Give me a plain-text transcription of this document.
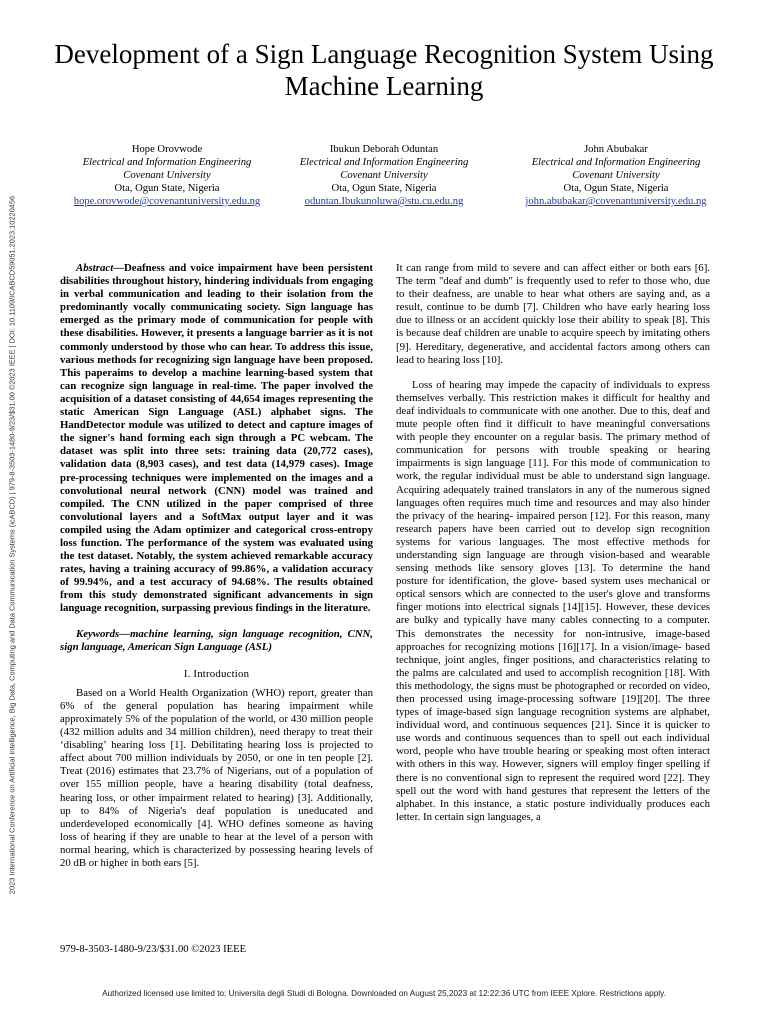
2023 International Conference on Artificial Intelligence, Big Data, Computing and Data Communication Systems (icABCD) | 979-8-3503-1480-9/23/$31.00 ©2023 IEEE | DOI: 10.1109/ICABCD59051.2023.10220456
Development of a Sign Language Recognition System Using Machine Learning
Hope Orovwode
Electrical and Information Engineering
Covenant University
Ota, Ogun State, Nigeria
hope.orovwode@covenantuniversity.edu.ng
Ibukun Deborah Oduntan
Electrical and Information Engineering
Covenant University
Ota, Ogun State, Nigeria
oduntan.Ibukunoluwa@stu.cu.edu.ng
John Abubakar
Electrical and Information Engineering
Covenant University
Ota, Ogun State, Nigeria
john.abubakar@covenantuniversity.edu.ng

Abstract—Deafness and voice impairment have been persistent disabilities throughout history, hindering individuals from engaging in verbal communication and leading to their isolation from the predominantly vocally communicating society. Sign language has emerged as the primary mode of communication for people with these disabilities. However, it presents a language barrier as it is not commonly understood by those who can hear. To address this issue, various methods for recognizing sign language have been proposed. This paperaims to develop a machine learning-based system that can recognize sign language in real-time. The paper involved the acquisition of a dataset consisting of 44,654 images representing the static American Sign Language (ASL) alphabet signs. The HandDetector module was utilized to detect and capture images of the signer's hand forming each sign through a PC webcam. The dataset was split into three sets: training data (20,772 cases), validation data (8,903 cases), and test data (14,979 cases). Image pre-processing techniques were implemented on the images and a convolutional neural network (CNN) model was trained and compiled. The CNN utilized in the paper comprised of three convolutional layers and a SoftMax output layer and it was compiled using the Adam optimizer and categorical cross-entropy loss function. The performance of the system was evaluated using the test dataset. Notably, the system achieved remarkable accuracy rates, having a training accuracy of 99.86%, a validation accuracy of 99.94%, and a test accuracy of 94.68%. The results obtained from this study demonstrated significant advancements in sign language recognition, surpassing previous findings in the literature.

Keywords—machine learning, sign language recognition, CNN, sign language, American Sign Language (ASL)

I. Introduction

Based on a World Health Organization (WHO) report, greater than 6% of the general population has hearing impairment while approximately 5% of the population of the world, or 430 million people (432 million adults and 34 million children), need therapy to treat their ‘disabling’ hearing loss [1]. Debilitating hearing loss is projected to affect about 700 million individuals by 2050, or one in ten people [2]. Treat (2016) estimates that 23.7% of Nigerians, out of a population of over 155 million people, have a hearing disability (total deafness, hearing loss, or other impairment related to hearing) [3]. Additionally, up to 84% of Nigeria's deaf population is uneducated and underdeveloped economically [4]. WHO defines someone as having loss of hearing if they are unable to hear at the level of a person with normal hearing, which is characterized by possessing hearing levels of 20 dB or higher in both ears [5].

It can range from mild to severe and can affect either or both ears [6]. The term "deaf and dumb" is frequently used to refer to those who, due to their deafness, are unable to hear what others are saying and, as a result, continue to be dumb [7]. Children who have early hearing loss due to illness or an accident quickly lose their ability to speak [8]. This is because deaf children are unable to acquire speech by imitating others [9]. Hereditary, degenerative, and accidental factors among others can lead to hearing loss [10].

Loss of hearing may impede the capacity of individuals to express themselves verbally. This restriction makes it difficult for healthy and deaf individuals to communicate with one another. Due to this, deaf and mute people often find it difficult to have meaningful conversations with people they encounter on a regular basis. The primary method of communication for persons with trouble speaking or hearing impairments is sign language [11]. For this mode of communication to work, the regular individual must be able to understand sign language. Acquiring adequately trained translators in any of the numerous signed languages often requires much time and resources and may also hinder the privacy of the hearing- impaired person [12]. For this reason, many research papers have been carried out to develop sign recognition systems for various languages. The most effective methods for understanding sign language are through vision-based and wearable sensing methods like sensory gloves [13]. To determine the hand posture for identification, the glove- based system uses mechanical or optical sensors which are connected to the user's glove and transforms finger motions into electrical signals [14][15]. However, these devices are bulky and typically have many cables connecting to a computer. This demonstrates the necessity for non-intrusive, image-based approaches for recognizing motions [16][17]. In a vision/image- based technique, joint angles, finger positions, and characteristics relating to the palms are calculated and used to accomplish recognition [18]. With this methodology, the signs must be photographed or recorded on video, then processed using image-processing software [19][20]. The three types of image-based sign language recognition systems are alphabet, individual word, and continuous sequences [21]. Since it is quicker to use words and continuous sequences than to spell out each individual word, people who have trouble hearing or speaking most often interact with others in this way. However, signers will employ finger spelling if there is no conventional sign to represent the required word [22]. They spell out the word with hand gestures that represent the letters of the alphabet. In this instance, a static posture individually produces each letter. In certain sign languages, a

979-8-3503-1480-9/23/$31.00 ©2023 IEEE
Authorized licensed use limited to: Universita degli Studi di Bologna. Downloaded on August 25,2023 at 12:22:36 UTC from IEEE Xplore. Restrictions apply.
